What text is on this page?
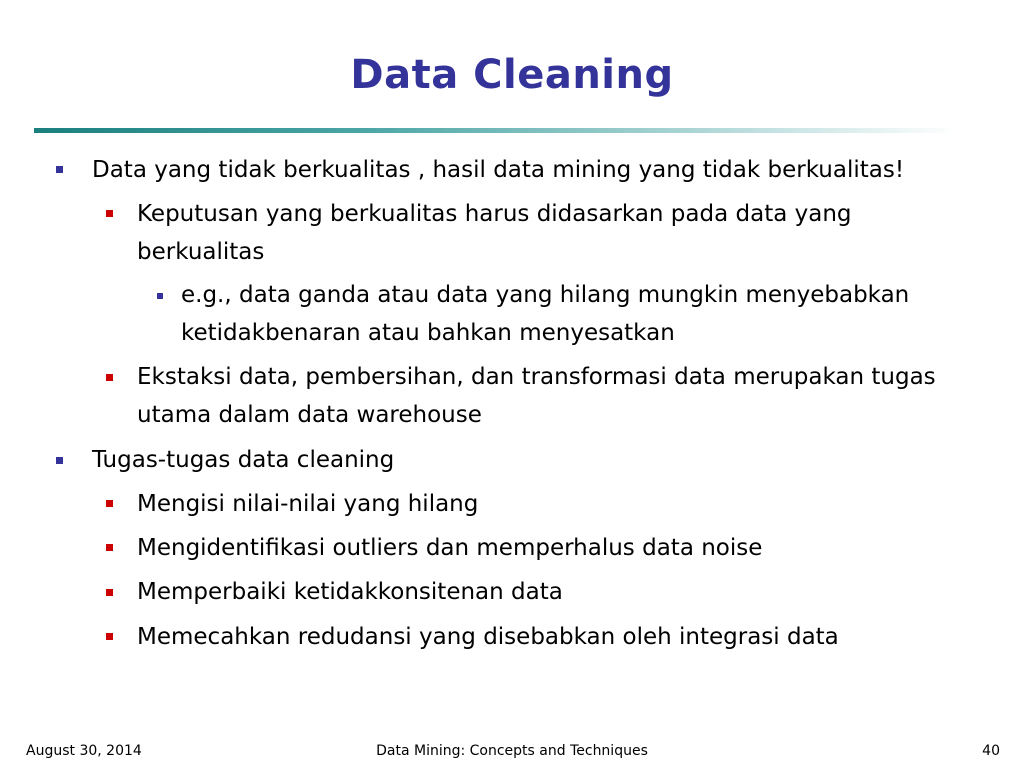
Data Cleaning
Data yang tidak berkualitas , hasil data mining yang tidak berkualitas!
Keputusan yang berkualitas harus didasarkan pada data yang berkualitas
e.g., data ganda atau data yang hilang mungkin menyebabkan ketidakbenaran atau bahkan menyesatkan
Ekstaksi data, pembersihan, dan transformasi data merupakan tugas utama dalam data warehouse
Tugas-tugas data cleaning
Mengisi nilai-nilai yang hilang
Mengidentifikasi outliers dan memperhalus data noise
Memperbaiki ketidakkonsitenan data
Memecahkan redudansi yang disebabkan oleh integrasi data
August 30, 2014	Data Mining: Concepts and Techniques	40
